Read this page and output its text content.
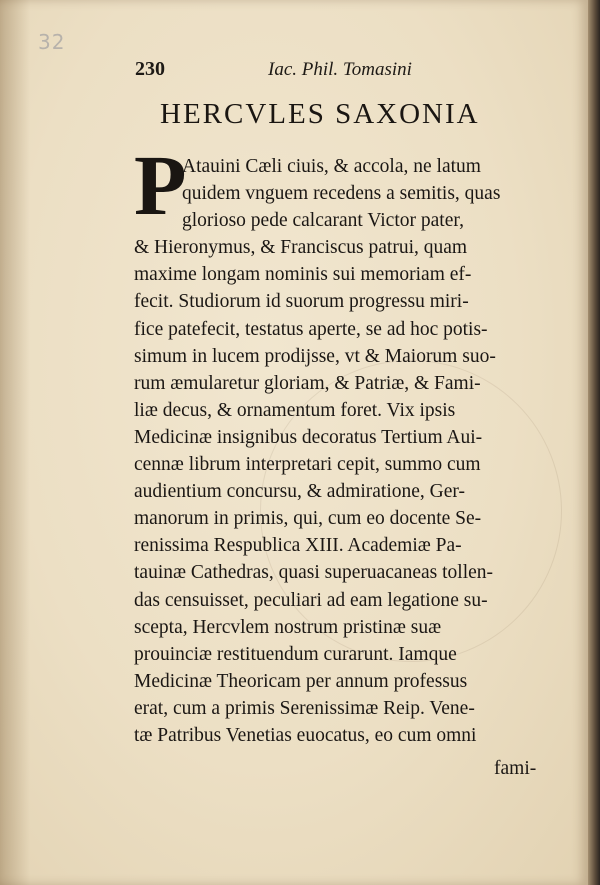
32
230	Iac. Phil. Tomasini
HERCVLES SAXONIA
P
Atauini Cæli ciuis, & accola, ne latum
quidem vnguem recedens a semitis, quas
glorioso pede calcarant Victor pater,
& Hieronymus, & Franciscus patrui, quam
maxime longam nominis sui memoriam ef-
fecit. Studiorum id suorum progressu miri-
fice patefecit, testatus aperte, se ad hoc potis-
simum in lucem prodijsse, vt & Maiorum suo-
rum æmularetur gloriam, & Patriæ, & Fami-
liæ decus, & ornamentum foret. Vix ipsis
Medicinæ insignibus decoratus Tertium Aui-
cennæ librum interpretari cepit, summo cum
audientium concursu, & admiratione, Ger-
manorum in primis, qui, cum eo docente Se-
renissima Respublica XIII. Academiæ Pa-
tauinæ Cathedras, quasi superuacaneas tollen-
das censuisset, peculiari ad eam legatione su-
scepta, Hercvlem nostrum pristinæ suæ
prouinciæ restituendum curarunt. Iamque
Medicinæ Theoricam per annum professus
erat, cum a primis Serenissimæ Reip. Vene-
tæ Patribus Venetias euocatus, eo cum omni
fami-
